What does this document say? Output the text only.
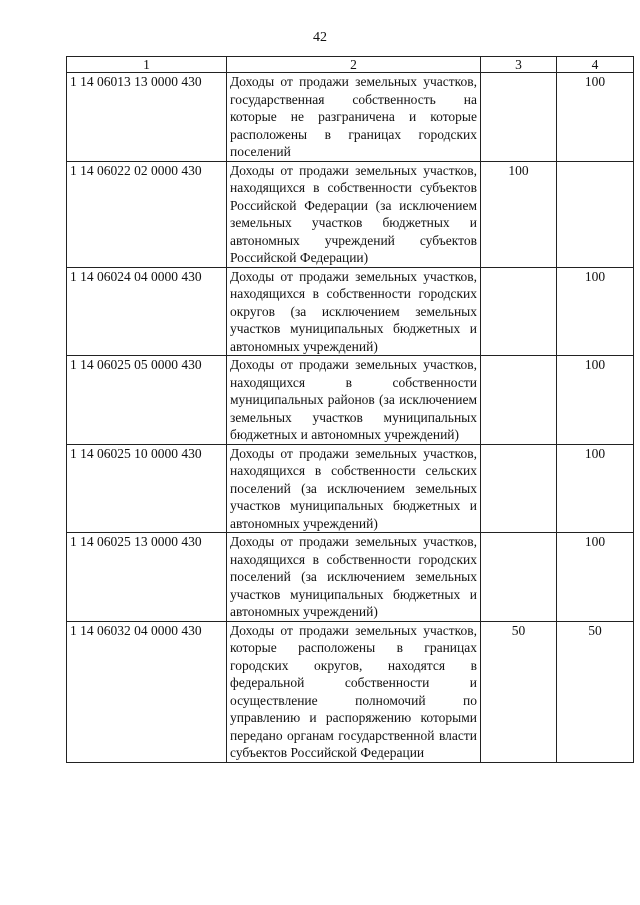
42
1	2	3	4
1 14 06013 13 0000 430	Доходы от продажи земельных участков, государственная собственность на которые не разграничена и которые расположены в границах городских поселений		100
1 14 06022 02 0000 430	Доходы от продажи земельных участков, находящихся в собственности субъектов Российской Федерации (за исключением земельных участков бюджетных и автономных учреждений субъектов Российской Федерации)	100	
1 14 06024 04 0000 430	Доходы от продажи земельных участков, находящихся в собственности городских округов (за исключением земельных участков муниципальных бюджетных и автономных учреждений)		100
1 14 06025 05 0000 430	Доходы от продажи земельных участков, находящихся в собственности муниципальных районов (за исключением земельных участков муниципальных бюджетных и автономных учреждений)		100
1 14 06025 10 0000 430	Доходы от продажи земельных участков, находящихся в собственности сельских поселений (за исключением земельных участков муниципальных бюджетных и автономных учреждений)		100
1 14 06025 13 0000 430	Доходы от продажи земельных участков, находящихся в собственности городских поселений (за исключением земельных участков муниципальных бюджетных и автономных учреждений)		100
1 14 06032 04 0000 430	Доходы от продажи земельных участков, которые расположены в границах городских округов, находятся в федеральной собственности и осуществление полномочий по управлению и распоряжению которыми передано органам государственной власти субъектов Российской Федерации	50	50
